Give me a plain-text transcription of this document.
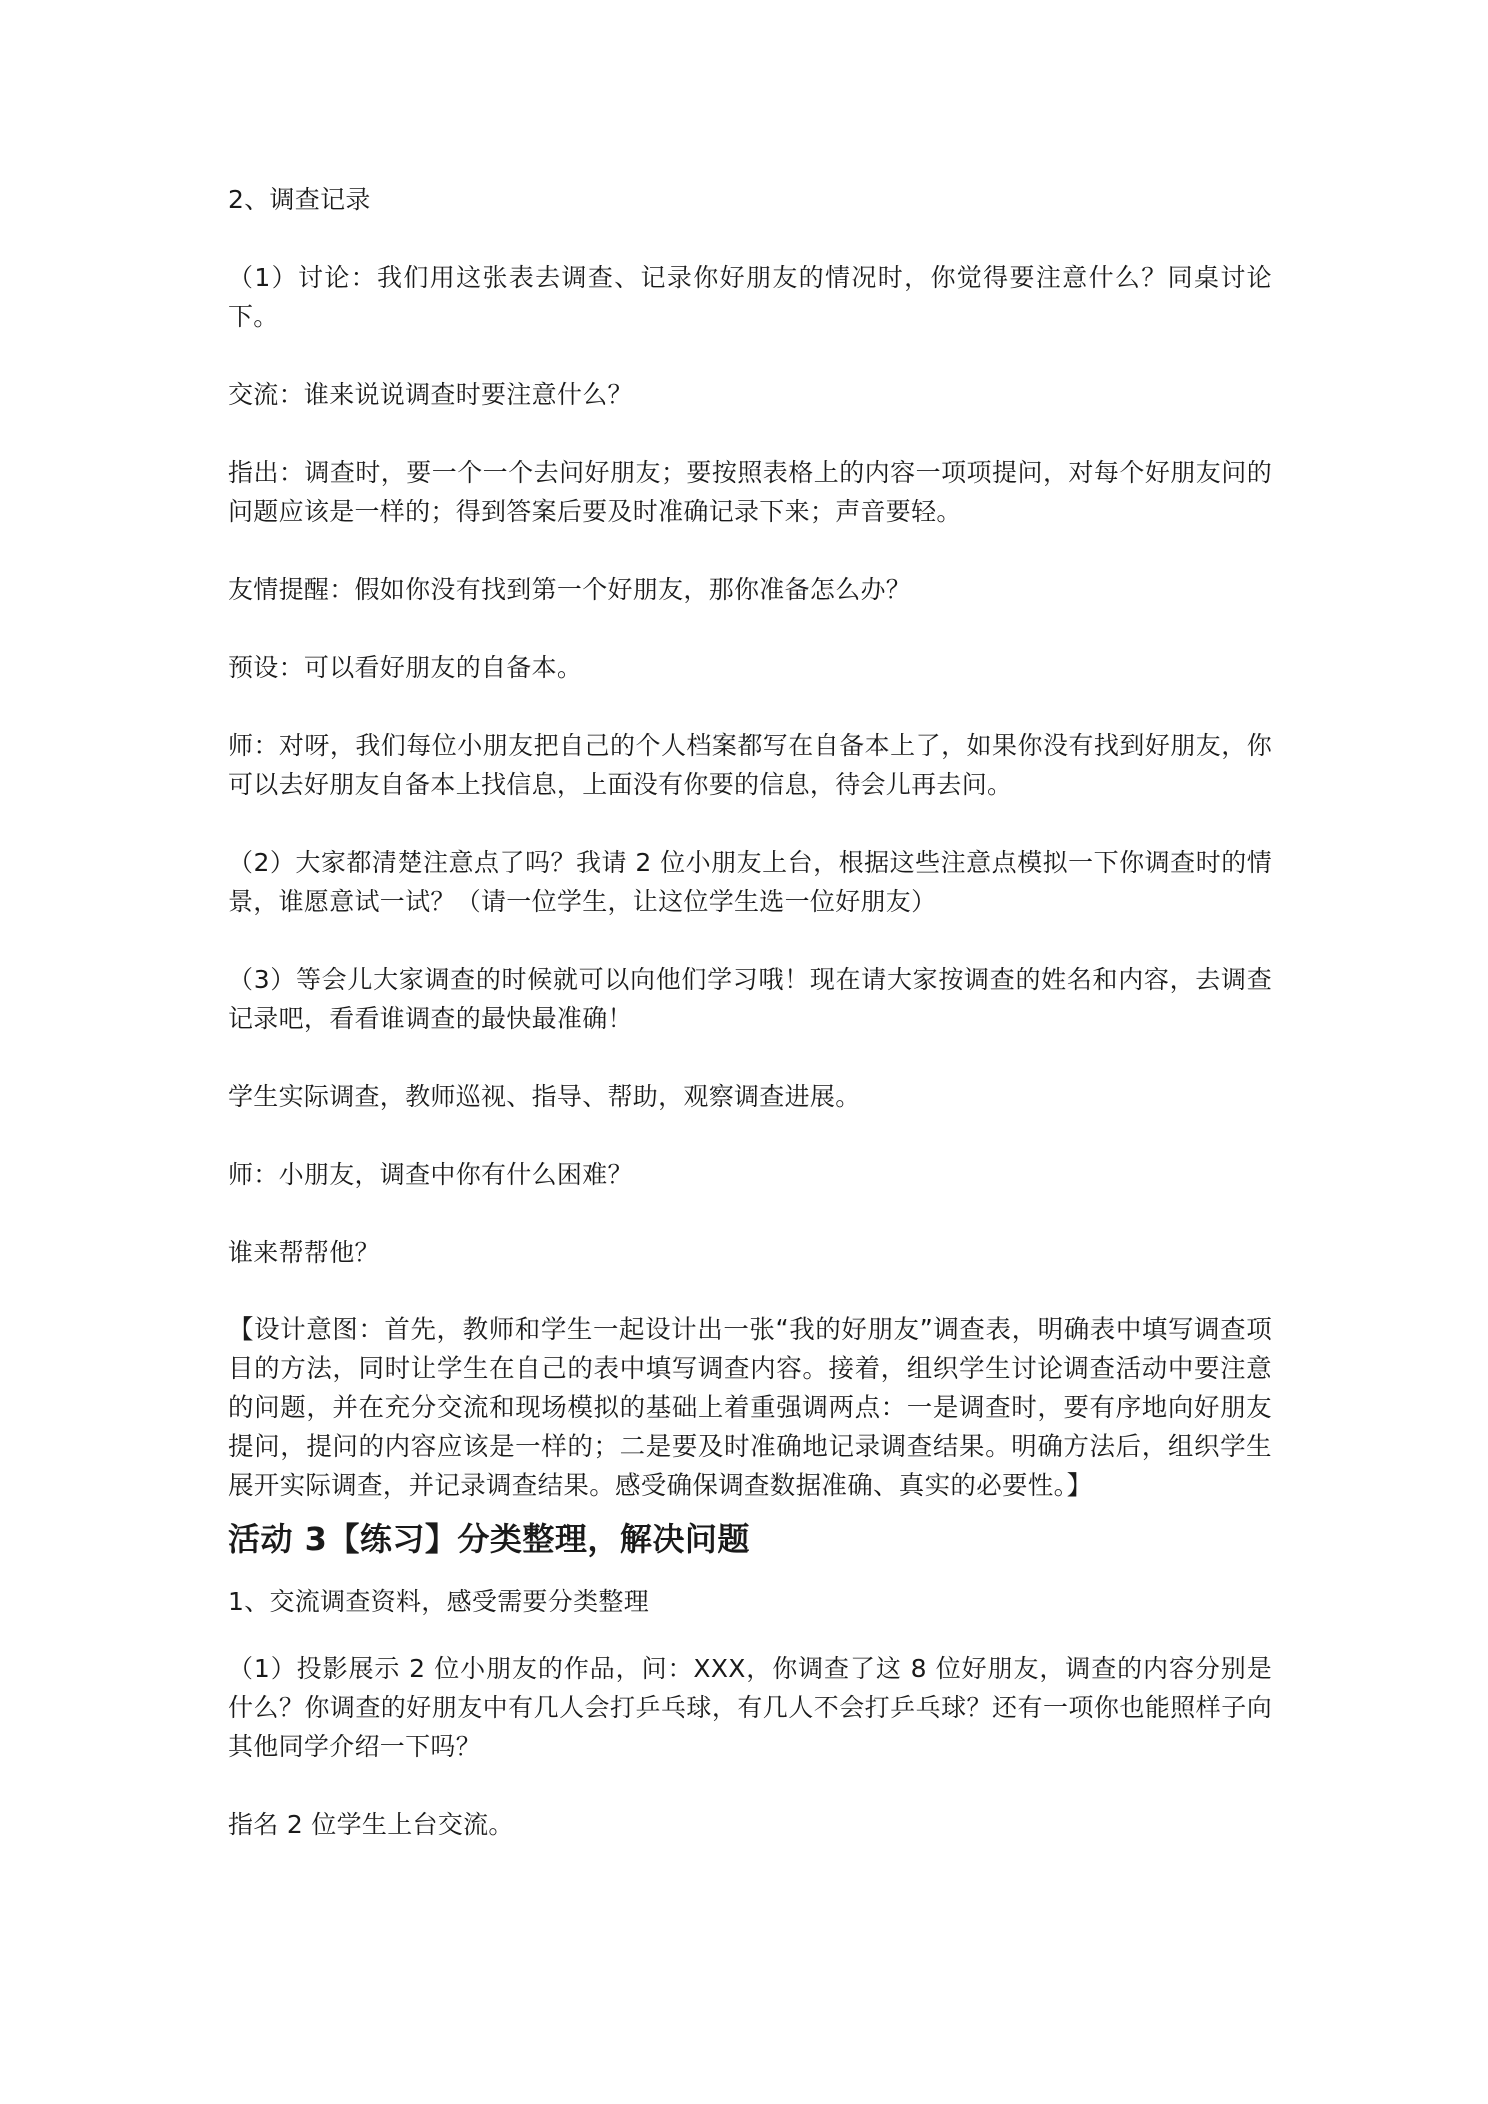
2、调查记录

（1）讨论：我们用这张表去调查、记录你好朋友的情况时，你觉得要注意什么？同桌讨论下。

交流：谁来说说调查时要注意什么？

指出：调查时，要一个一个去问好朋友；要按照表格上的内容一项项提问，对每个好朋友问的问题应该是一样的；得到答案后要及时准确记录下来；声音要轻。

友情提醒：假如你没有找到第一个好朋友，那你准备怎么办？

预设：可以看好朋友的自备本。

师：对呀，我们每位小朋友把自己的个人档案都写在自备本上了，如果你没有找到好朋友，你可以去好朋友自备本上找信息，上面没有你要的信息，待会儿再去问。

（2）大家都清楚注意点了吗？我请 2 位小朋友上台，根据这些注意点模拟一下你调查时的情景，谁愿意试一试？（请一位学生，让这位学生选一位好朋友）

（3）等会儿大家调查的时候就可以向他们学习哦！现在请大家按调查的姓名和内容，去调查记录吧，看看谁调查的最快最准确！

学生实际调查，教师巡视、指导、帮助，观察调查进展。

师：小朋友，调查中你有什么困难？

谁来帮帮他？

【设计意图：首先，教师和学生一起设计出一张“我的好朋友”调查表，明确表中填写调查项目的方法，同时让学生在自己的表中填写调查内容。接着，组织学生讨论调查活动中要注意的问题，并在充分交流和现场模拟的基础上着重强调两点：一是调查时，要有序地向好朋友提问，提问的内容应该是一样的；二是要及时准确地记录调查结果。明确方法后，组织学生展开实际调查，并记录调查结果。感受确保调查数据准确、真实的必要性。】

活动 3【练习】分类整理，解决问题

1、交流调查资料，感受需要分类整理

（1）投影展示 2 位小朋友的作品，问：XXX，你调查了这 8 位好朋友，调查的内容分别是什么？你调查的好朋友中有几人会打乒乓球，有几人不会打乒乓球？还有一项你也能照样子向其他同学介绍一下吗？

指名 2 位学生上台交流。
